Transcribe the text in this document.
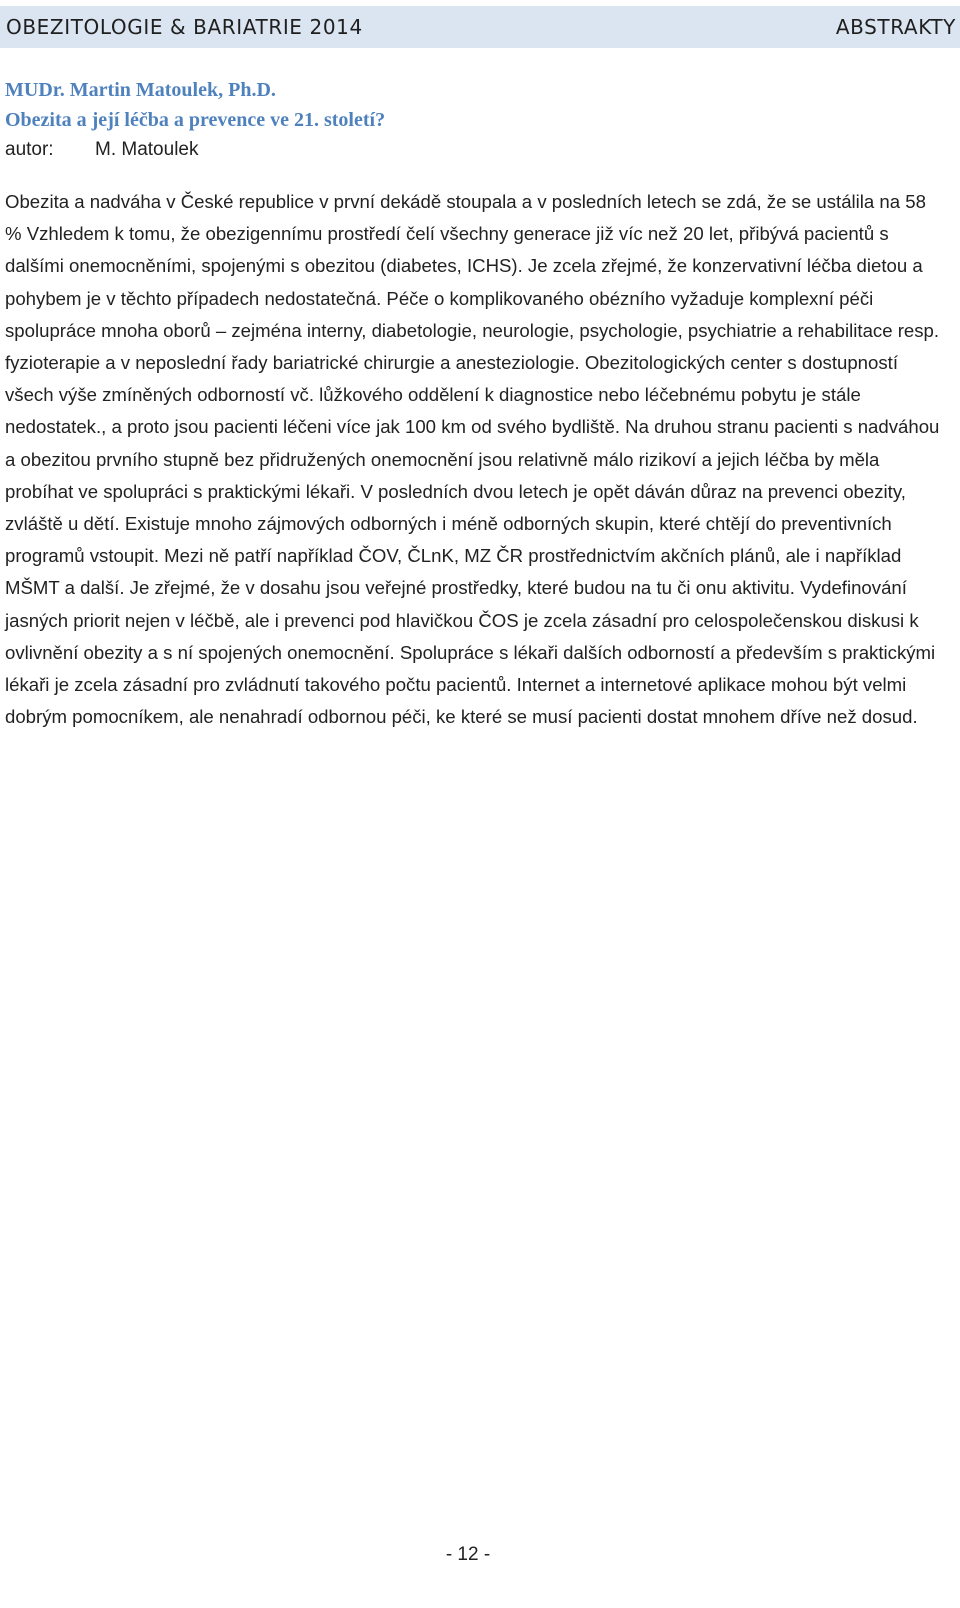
OBEZITOLOGIE & BARIATRIE 2014	ABSTRAKTY

MUDr. Martin Matoulek, Ph.D.

Obezita a její léčba a prevence ve 21. století?

autor: M. Matoulek

Obezita a nadváha v České republice v první dekádě stoupala a v posledních letech se zdá, že se ustálila na 58 % Vzhledem k tomu, že obezigennímu prostředí čelí všechny generace již víc než 20 let, přibývá pacientů s dalšími onemocněními, spojenými s obezitou (diabetes, ICHS). Je zcela zřejmé, že konzervativní léčba dietou a pohybem je v těchto případech nedostatečná. Péče o komplikovaného obézního vyžaduje komplexní péči spolupráce mnoha oborů – zejména interny, diabetologie, neurologie, psychologie, psychiatrie a rehabilitace resp. fyzioterapie a v neposlední řady bariatrické chirurgie a anesteziologie. Obezitologických center s dostupností všech výše zmíněných odborností vč. lůžkového oddělení k diagnostice nebo léčebnému pobytu je stále nedostatek., a proto jsou pacienti léčeni více jak 100 km od svého bydliště. Na druhou stranu pacienti s nadváhou a obezitou prvního stupně bez přidružených onemocnění jsou relativně málo rizikoví a jejich léčba by měla probíhat ve spolupráci s praktickými lékaři. V posledních dvou letech je opět dáván důraz na prevenci obezity, zvláště u dětí. Existuje mnoho zájmových odborných i méně odborných skupin, které chtějí do preventivních programů vstoupit. Mezi ně patří například ČOV, ČLnK, MZ ČR prostřednictvím akčních plánů, ale i například MŠMT a další. Je zřejmé, že v dosahu jsou veřejné prostředky, které budou na tu či onu aktivitu. Vydefinování jasných priorit nejen v léčbě, ale i prevenci pod hlavičkou ČOS je zcela zásadní pro celospolečenskou diskusi k ovlivnění obezity a s ní spojených onemocnění. Spolupráce s lékaři dalších odborností a především s praktickými lékaři je zcela zásadní pro zvládnutí takového počtu pacientů. Internet a internetové aplikace mohou být velmi dobrým pomocníkem, ale nenahradí odbornou péči, ke které se musí pacienti dostat mnohem dříve než dosud.

- 12 -
